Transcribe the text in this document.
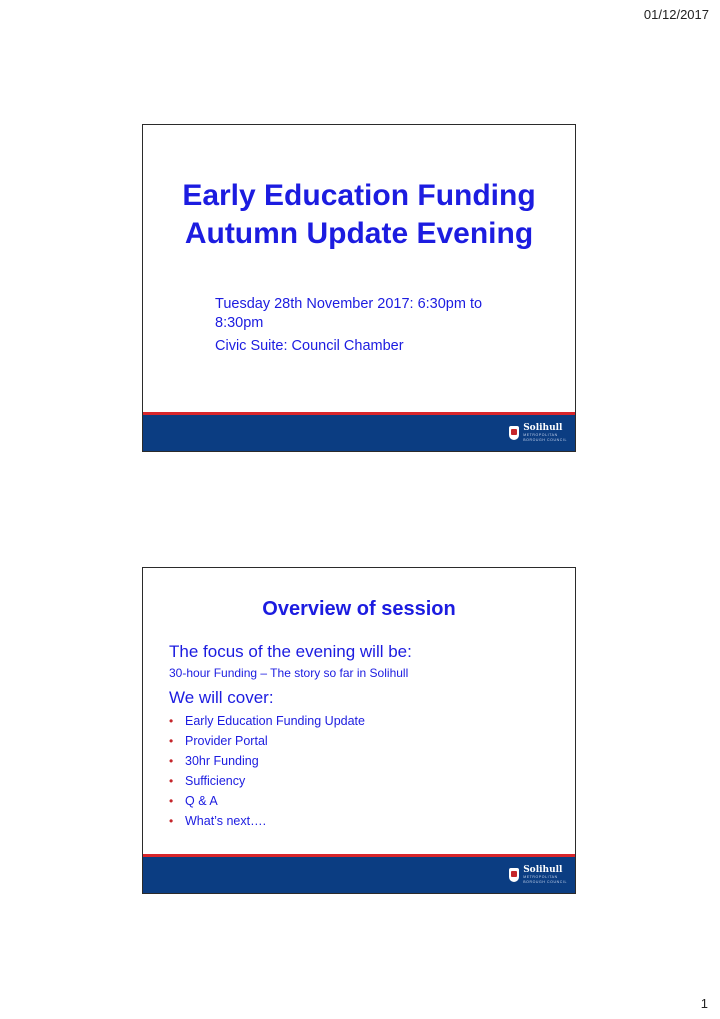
01/12/2017
Early Education Funding
Autumn Update Evening
Tuesday 28th November 2017: 6:30pm to 8:30pm
Civic Suite: Council Chamber
Solihull
METROPOLITAN
BOROUGH COUNCIL
Overview of session
The focus of the evening will be:
30-hour Funding – The story so far in Solihull
We will cover:
• Early Education Funding Update
• Provider Portal
• 30hr Funding
• Sufficiency
• Q & A
• What’s next….
Solihull
METROPOLITAN
BOROUGH COUNCIL
1
